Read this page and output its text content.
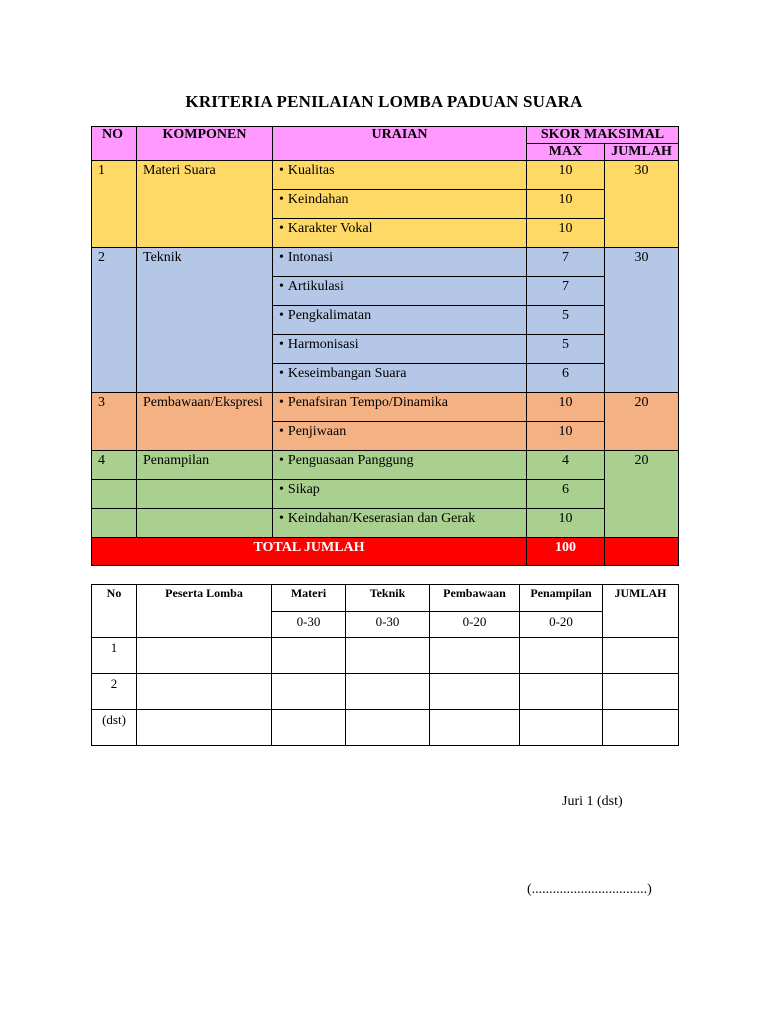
KRITERIA PENILAIAN LOMBA PADUAN SUARA
NO	KOMPONEN	URAIAN	SKOR MAKSIMAL	
			MAX	JUMLAH
1	Materi Suara	• Kualitas	10	30
		• Keindahan	10	
		• Karakter Vokal	10	
2	Teknik	• Intonasi	7	30
		• Artikulasi	7	
		• Pengkalimatan	5	
		• Harmonisasi	5	
		• Keseimbangan Suara	6	
3	Pembawaan/Ekspresi	• Penafsiran Tempo/Dinamika	10	20
		• Penjiwaan	10	
4	Penampilan	• Penguasaan Panggung	4	20
		• Sikap	6	
		• Keindahan/Keserasian dan Gerak	10	
TOTAL JUMLAH			100	
No	Peserta Lomba	Materi	Teknik	Pembawaan	Penampilan	JUMLAH
		0-30	0-30	0-20	0-20	
1						
2						
(dst)						
Juri 1 (dst)
(.................................)
